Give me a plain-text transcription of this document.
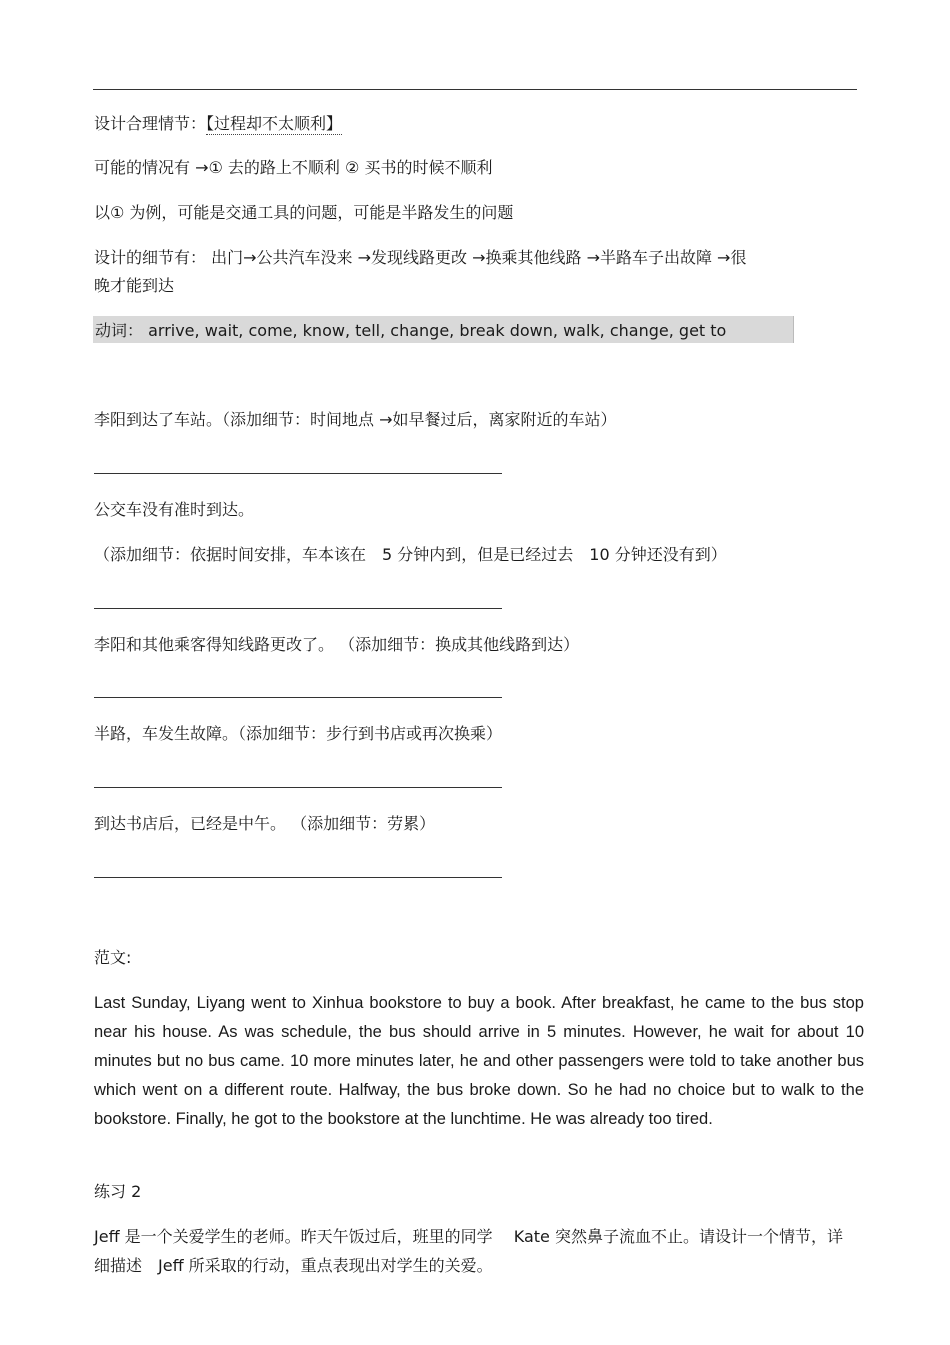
设计合理情节：【过程却不太顺利】
可能的情况有 →① 去的路上不顺利 ② 买书的时候不顺利
以① 为例，可能是交通工具的问题，可能是半路发生的问题
设计的细节有： 出门→公共汽车没来 →发现线路更改 →换乘其他线路 →半路车子出故障 →很
晚才能到达
动词： arrive, wait, come, know, tell, change, break down, walk, change, get to
李阳到达了车站。（添加细节：时间地点 →如早餐过后，离家附近的车站）
公交车没有准时到达。
（添加细节：依据时间安排，车本该在　5 分钟内到，但是已经过去　10 分钟还没有到）
李阳和其他乘客得知线路更改了。 （添加细节：换成其他线路到达）
半路，车发生故障。（添加细节：步行到书店或再次换乘）
到达书店后，已经是中午。 （添加细节：劳累）
范文:
Last Sunday, Liyang went to Xinhua bookstore to buy a book. After breakfast, he came to the bus stop near his house. As was schedule, the bus should arrive in 5 minutes. However, he wait for about 10 minutes but no bus came. 10 more minutes later, he and other passengers were told to take another bus which went on a different route. Halfway, the bus broke down. So he had no choice but to walk to the bookstore. Finally, he got to the bookstore at the lunchtime. He was already too tired.
练习 2
Jeff 是一个关爱学生的老师。昨天午饭过后，班里的同学　 Kate 突然鼻子流血不止。请设计一个情节，详细描述　Jeff 所采取的行动，重点表现出对学生的关爱。
